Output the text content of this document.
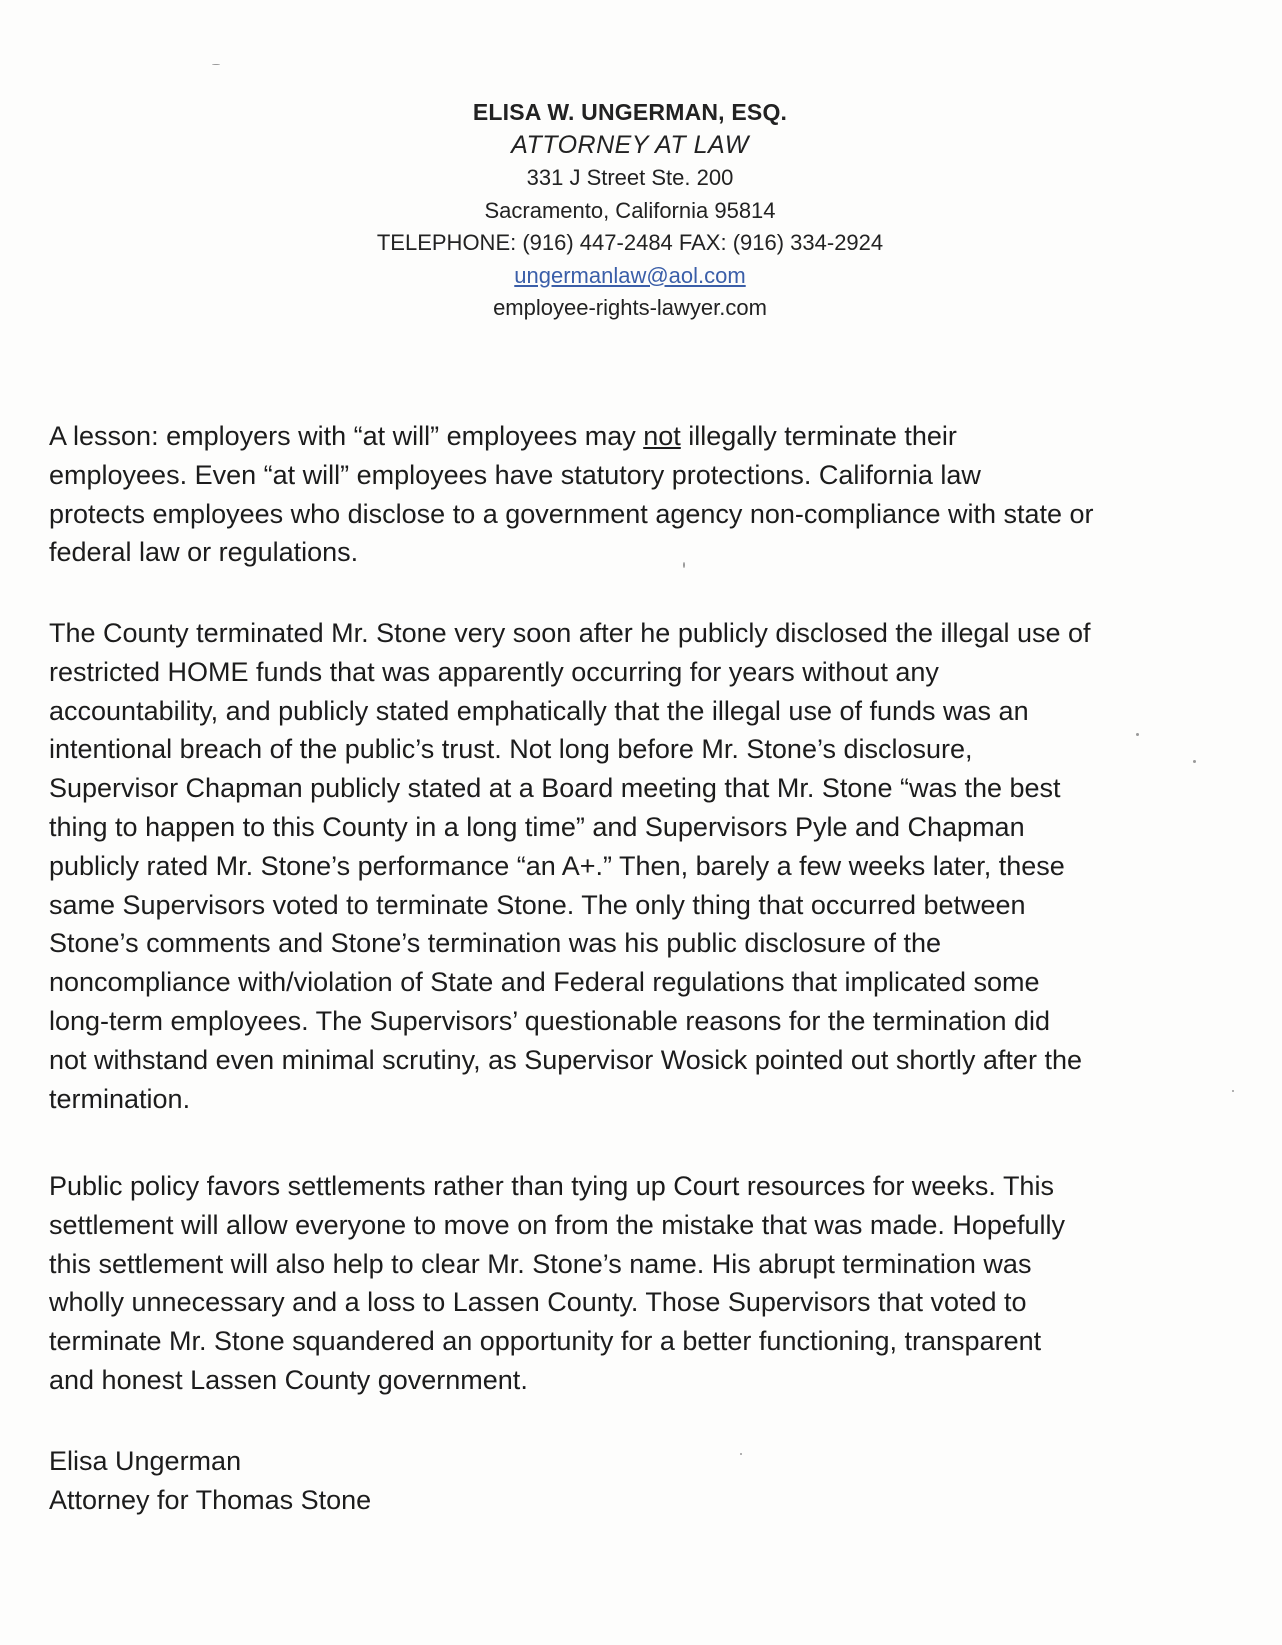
ELISA W. UNGERMAN, ESQ.
ATTORNEY AT LAW
331 J Street Ste. 200
Sacramento, California 95814
TELEPHONE: (916) 447-2484 FAX: (916) 334-2924
ungermanlaw@aol.com
employee-rights-lawyer.com

A lesson: employers with “at will” employees may not illegally terminate their
employees. Even “at will” employees have statutory protections. California law
protects employees who disclose to a government agency non-compliance with state or
federal law or regulations.

The County terminated Mr. Stone very soon after he publicly disclosed the illegal use of
restricted HOME funds that was apparently occurring for years without any
accountability, and publicly stated emphatically that the illegal use of funds was an
intentional breach of the public’s trust. Not long before Mr. Stone’s disclosure,
Supervisor Chapman publicly stated at a Board meeting that Mr. Stone “was the best
thing to happen to this County in a long time” and Supervisors Pyle and Chapman
publicly rated Mr. Stone’s performance “an A+.” Then, barely a few weeks later, these
same Supervisors voted to terminate Stone. The only thing that occurred between
Stone’s comments and Stone’s termination was his public disclosure of the
noncompliance with/violation of State and Federal regulations that implicated some
long-term employees. The Supervisors’ questionable reasons for the termination did
not withstand even minimal scrutiny, as Supervisor Wosick pointed out shortly after the
termination.

Public policy favors settlements rather than tying up Court resources for weeks. This
settlement will allow everyone to move on from the mistake that was made. Hopefully
this settlement will also help to clear Mr. Stone’s name. His abrupt termination was
wholly unnecessary and a loss to Lassen County. Those Supervisors that voted to
terminate Mr. Stone squandered an opportunity for a better functioning, transparent
and honest Lassen County government.

Elisa Ungerman
Attorney for Thomas Stone
